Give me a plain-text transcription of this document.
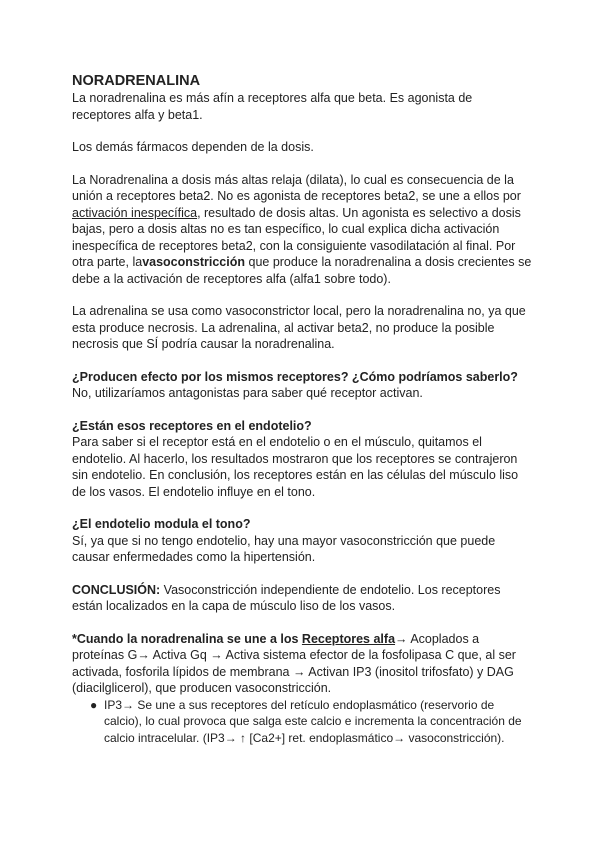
NORADRENALINA

La noradrenalina es más afín a receptores alfa que beta. Es agonista de receptores alfa y beta1.

Los demás fármacos dependen de la dosis.

La Noradrenalina a dosis más altas relaja (dilata), lo cual es consecuencia de la unión a receptores beta2. No es agonista de receptores beta2, se une a ellos por activación inespecífica, resultado de dosis altas. Un agonista es selectivo a dosis bajas, pero a dosis altas no es tan específico, lo cual explica dicha activación inespecífica de receptores beta2, con la consiguiente vasodilatación al final. Por otra parte, lavasoconstricción que produce la noradrenalina a dosis crecientes se debe a la activación de receptores alfa (alfa1 sobre todo).

La adrenalina se usa como vasoconstrictor local, pero la noradrenalina no, ya que esta produce necrosis. La adrenalina, al activar beta2, no produce la posible necrosis que SÍ podría causar la noradrenalina.

¿Producen efecto por los mismos receptores? ¿Cómo podríamos saberlo?

No, utilizaríamos antagonistas para saber qué receptor activan.

¿Están esos receptores en el endotelio?

Para saber si el receptor está en el endotelio o en el músculo, quitamos el endotelio. Al hacerlo, los resultados mostraron que los receptores se contrajeron sin endotelio. En conclusión, los receptores están en las células del músculo liso de los vasos. El endotelio influye en el tono.

¿El endotelio modula el tono?

Sí, ya que si no tengo endotelio, hay una mayor vasoconstricción que puede causar enfermedades como la hipertensión.

CONCLUSIÓN: Vasoconstricción independiente de endotelio. Los receptores están localizados en la capa de músculo liso de los vasos.

*Cuando la noradrenalina se une a los Receptores alfa→ Acoplados a proteínas G→ Activa Gq → Activa sistema efector de la fosfolipasa C que, al ser activada, fosforila lípidos de membrana → Activan IP3 (inositol trifosfato) y DAG (diacilglicerol), que producen vasoconstricción.

● IP3→ Se une a sus receptores del retículo endoplasmático (reservorio de calcio), lo cual provoca que salga este calcio e incrementa la concentración de calcio intracelular. (IP3→ ↑ [Ca2+] ret. endoplasmático→ vasoconstricción).
